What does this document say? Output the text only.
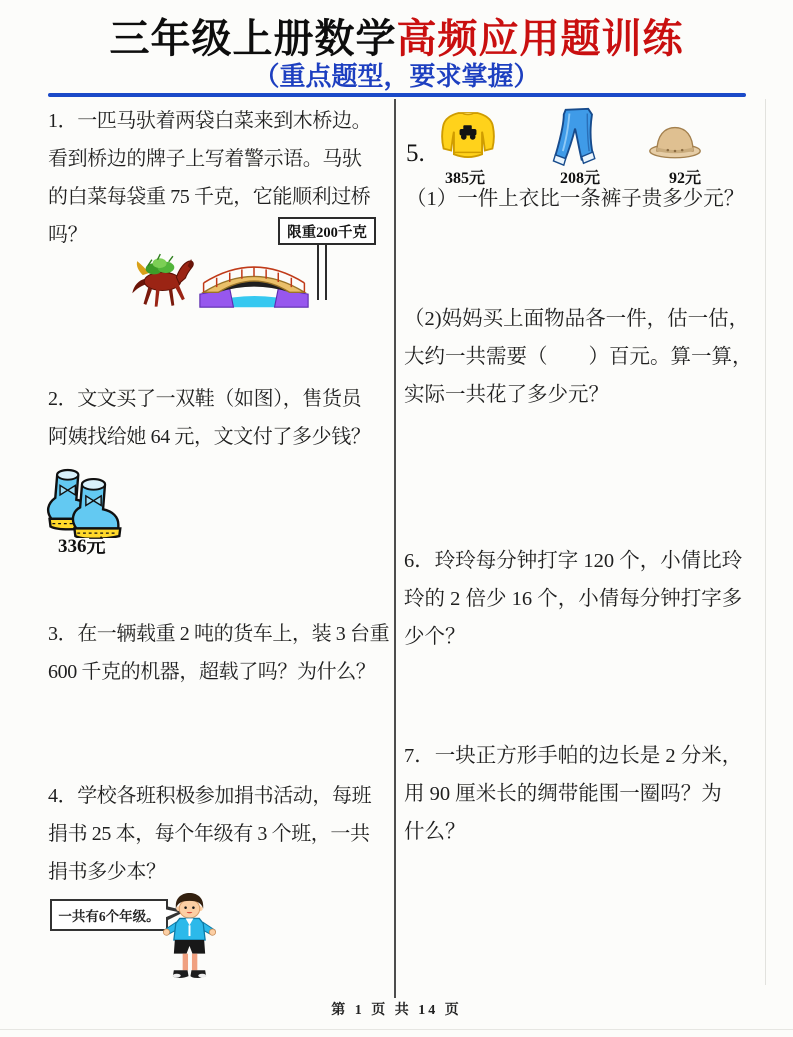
三年级上册数学高频应用题训练
（重点题型，要求掌握）
1．一匹马驮着两袋白菜来到木桥边。
看到桥边的牌子上写着警示语。马驮
的白菜每袋重 75 千克，它能顺利过桥
吗？	限重200千克
2．文文买了一双鞋（如图），售货员
阿姨找给她 64 元，文文付了多少钱？
336元
3．在一辆载重 2 吨的货车上，装 3 台重
600 千克的机器，超载了吗？为什么？
4．学校各班积极参加捐书活动，每班
捐书 25 本，每个年级有 3 个班，一共
捐书多少本？
一共有6个年级。
5.
385元	208元	92元
（1）一件上衣比一条裤子贵多少元？
（2)妈妈买上面物品各一件，估一估，
大约一共需要（　　）百元。算一算，
实际一共花了多少元？
6．玲玲每分钟打字 120 个，小倩比玲
玲的 2 倍少 16 个，小倩每分钟打字多
少个？
7．一块正方形手帕的边长是 2 分米，
用 90 厘米长的绸带能围一圈吗？为
什么？
第 1 页 共 14 页
